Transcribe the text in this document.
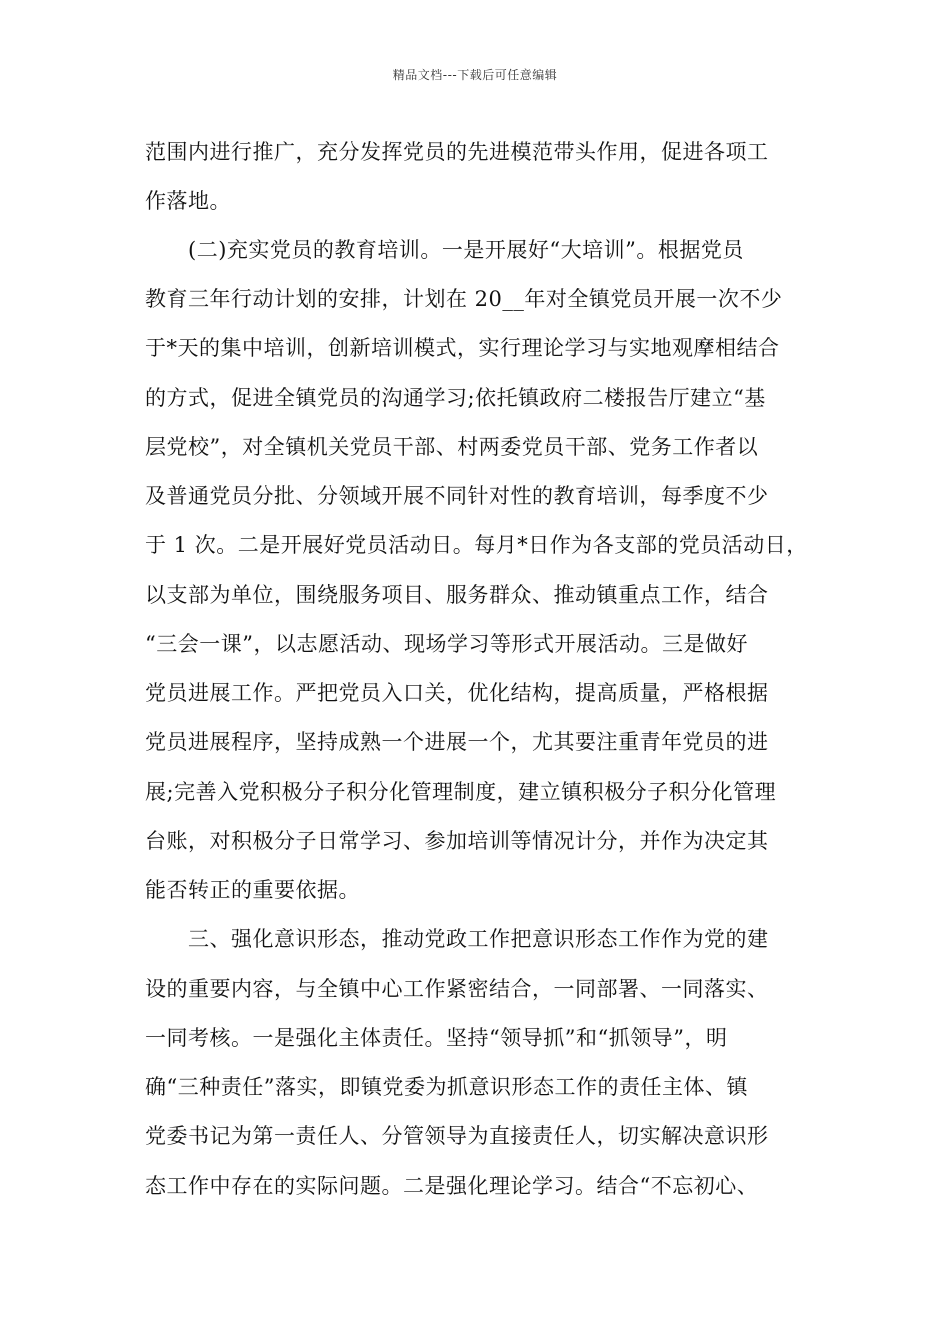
精品文档---下载后可任意编辑
范围内进行推广，充分发挥党员的先进模范带头作用，促进各项工
作落地。
　　(二)充实党员的教育培训。一是开展好“大培训”。根据党员
教育三年行动计划的安排，计划在 20__年对全镇党员开展一次不少
于*天的集中培训，创新培训模式，实行理论学习与实地观摩相结合
的方式，促进全镇党员的沟通学习;依托镇政府二楼报告厅建立“基
层党校”，对全镇机关党员干部、村两委党员干部、党务工作者以
及普通党员分批、分领域开展不同针对性的教育培训，每季度不少
于 1 次。二是开展好党员活动日。每月*日作为各支部的党员活动日，
以支部为单位，围绕服务项目、服务群众、推动镇重点工作，结合
“三会一课”，以志愿活动、现场学习等形式开展活动。三是做好
党员进展工作。严把党员入口关，优化结构，提高质量，严格根据
党员进展程序，坚持成熟一个进展一个，尤其要注重青年党员的进
展;完善入党积极分子积分化管理制度，建立镇积极分子积分化管理
台账，对积极分子日常学习、参加培训等情况计分，并作为决定其
能否转正的重要依据。
　　三、强化意识形态，推动党政工作把意识形态工作作为党的建
设的重要内容，与全镇中心工作紧密结合，一同部署、一同落实、
一同考核。一是强化主体责任。坚持“领导抓”和“抓领导”，明
确“三种责任”落实，即镇党委为抓意识形态工作的责任主体、镇
党委书记为第一责任人、分管领导为直接责任人，切实解决意识形
态工作中存在的实际问题。二是强化理论学习。结合“不忘初心、
